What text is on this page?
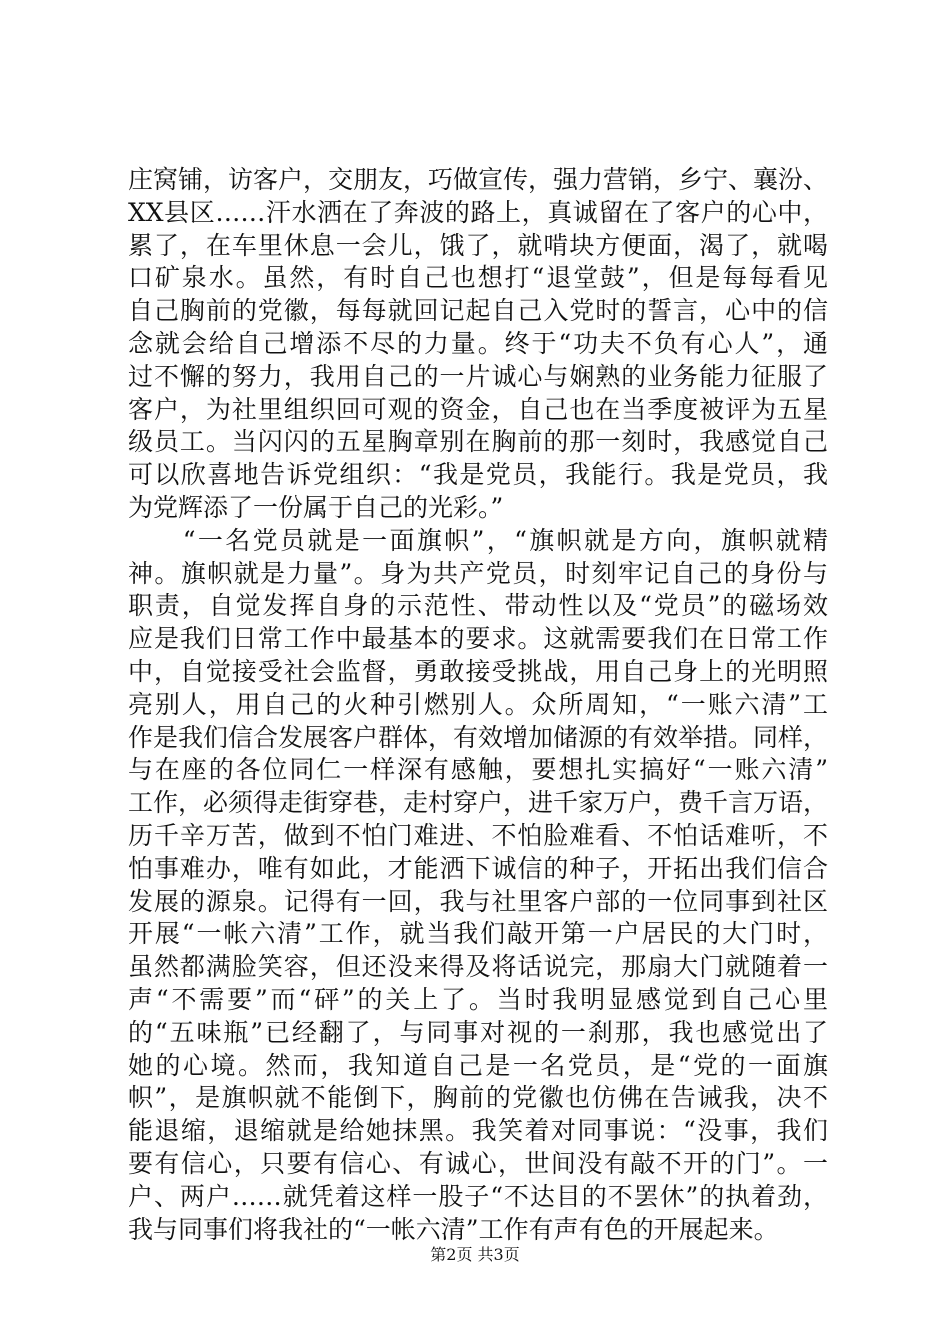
庄窝铺，访客户，交朋友，巧做宣传，强力营销，乡宁、襄汾、
XX县区……汗水洒在了奔波的路上，真诚留在了客户的心中，
累了，在车里休息一会儿，饿了，就啃块方便面，渴了，就喝
口矿泉水。虽然，有时自己也想打“退堂鼓”，但是每每看见
自己胸前的党徽，每每就回记起自己入党时的誓言，心中的信
念就会给自己增添不尽的力量。终于“功夫不负有心人”，通
过不懈的努力，我用自己的一片诚心与娴熟的业务能力征服了
客户，为社里组织回可观的资金，自己也在当季度被评为五星
级员工。当闪闪的五星胸章别在胸前的那一刻时，我感觉自己
可以欣喜地告诉党组织：“我是党员，我能行。我是党员，我
为党辉添了一份属于自己的光彩。”
　　“一名党员就是一面旗帜”，“旗帜就是方向，旗帜就精
神。旗帜就是力量”。身为共产党员，时刻牢记自己的身份与
职责，自觉发挥自身的示范性、带动性以及“党员”的磁场效
应是我们日常工作中最基本的要求。这就需要我们在日常工作
中，自觉接受社会监督，勇敢接受挑战，用自己身上的光明照
亮别人，用自己的火种引燃别人。众所周知，“一账六清”工
作是我们信合发展客户群体，有效增加储源的有效举措。同样，
与在座的各位同仁一样深有感触，要想扎实搞好“一账六清”
工作，必须得走街穿巷，走村穿户，进千家万户，费千言万语，
历千辛万苦，做到不怕门难进、不怕脸难看、不怕话难听，不
怕事难办，唯有如此，才能洒下诚信的种子，开拓出我们信合
发展的源泉。记得有一回，我与社里客户部的一位同事到社区
开展“一帐六清”工作，就当我们敲开第一户居民的大门时，
虽然都满脸笑容，但还没来得及将话说完，那扇大门就随着一
声“不需要”而“砰”的关上了。当时我明显感觉到自己心里
的“五味瓶”已经翻了，与同事对视的一刹那，我也感觉出了
她的心境。然而，我知道自己是一名党员，是“党的一面旗
帜”，是旗帜就不能倒下，胸前的党徽也仿佛在告诫我，决不
能退缩，退缩就是给她抹黑。我笑着对同事说：“没事，我们
要有信心，只要有信心、有诚心，世间没有敲不开的门”。一
户、两户……就凭着这样一股子“不达目的不罢休”的执着劲，
我与同事们将我社的“一帐六清”工作有声有色的开展起来。
第2页 共3页
